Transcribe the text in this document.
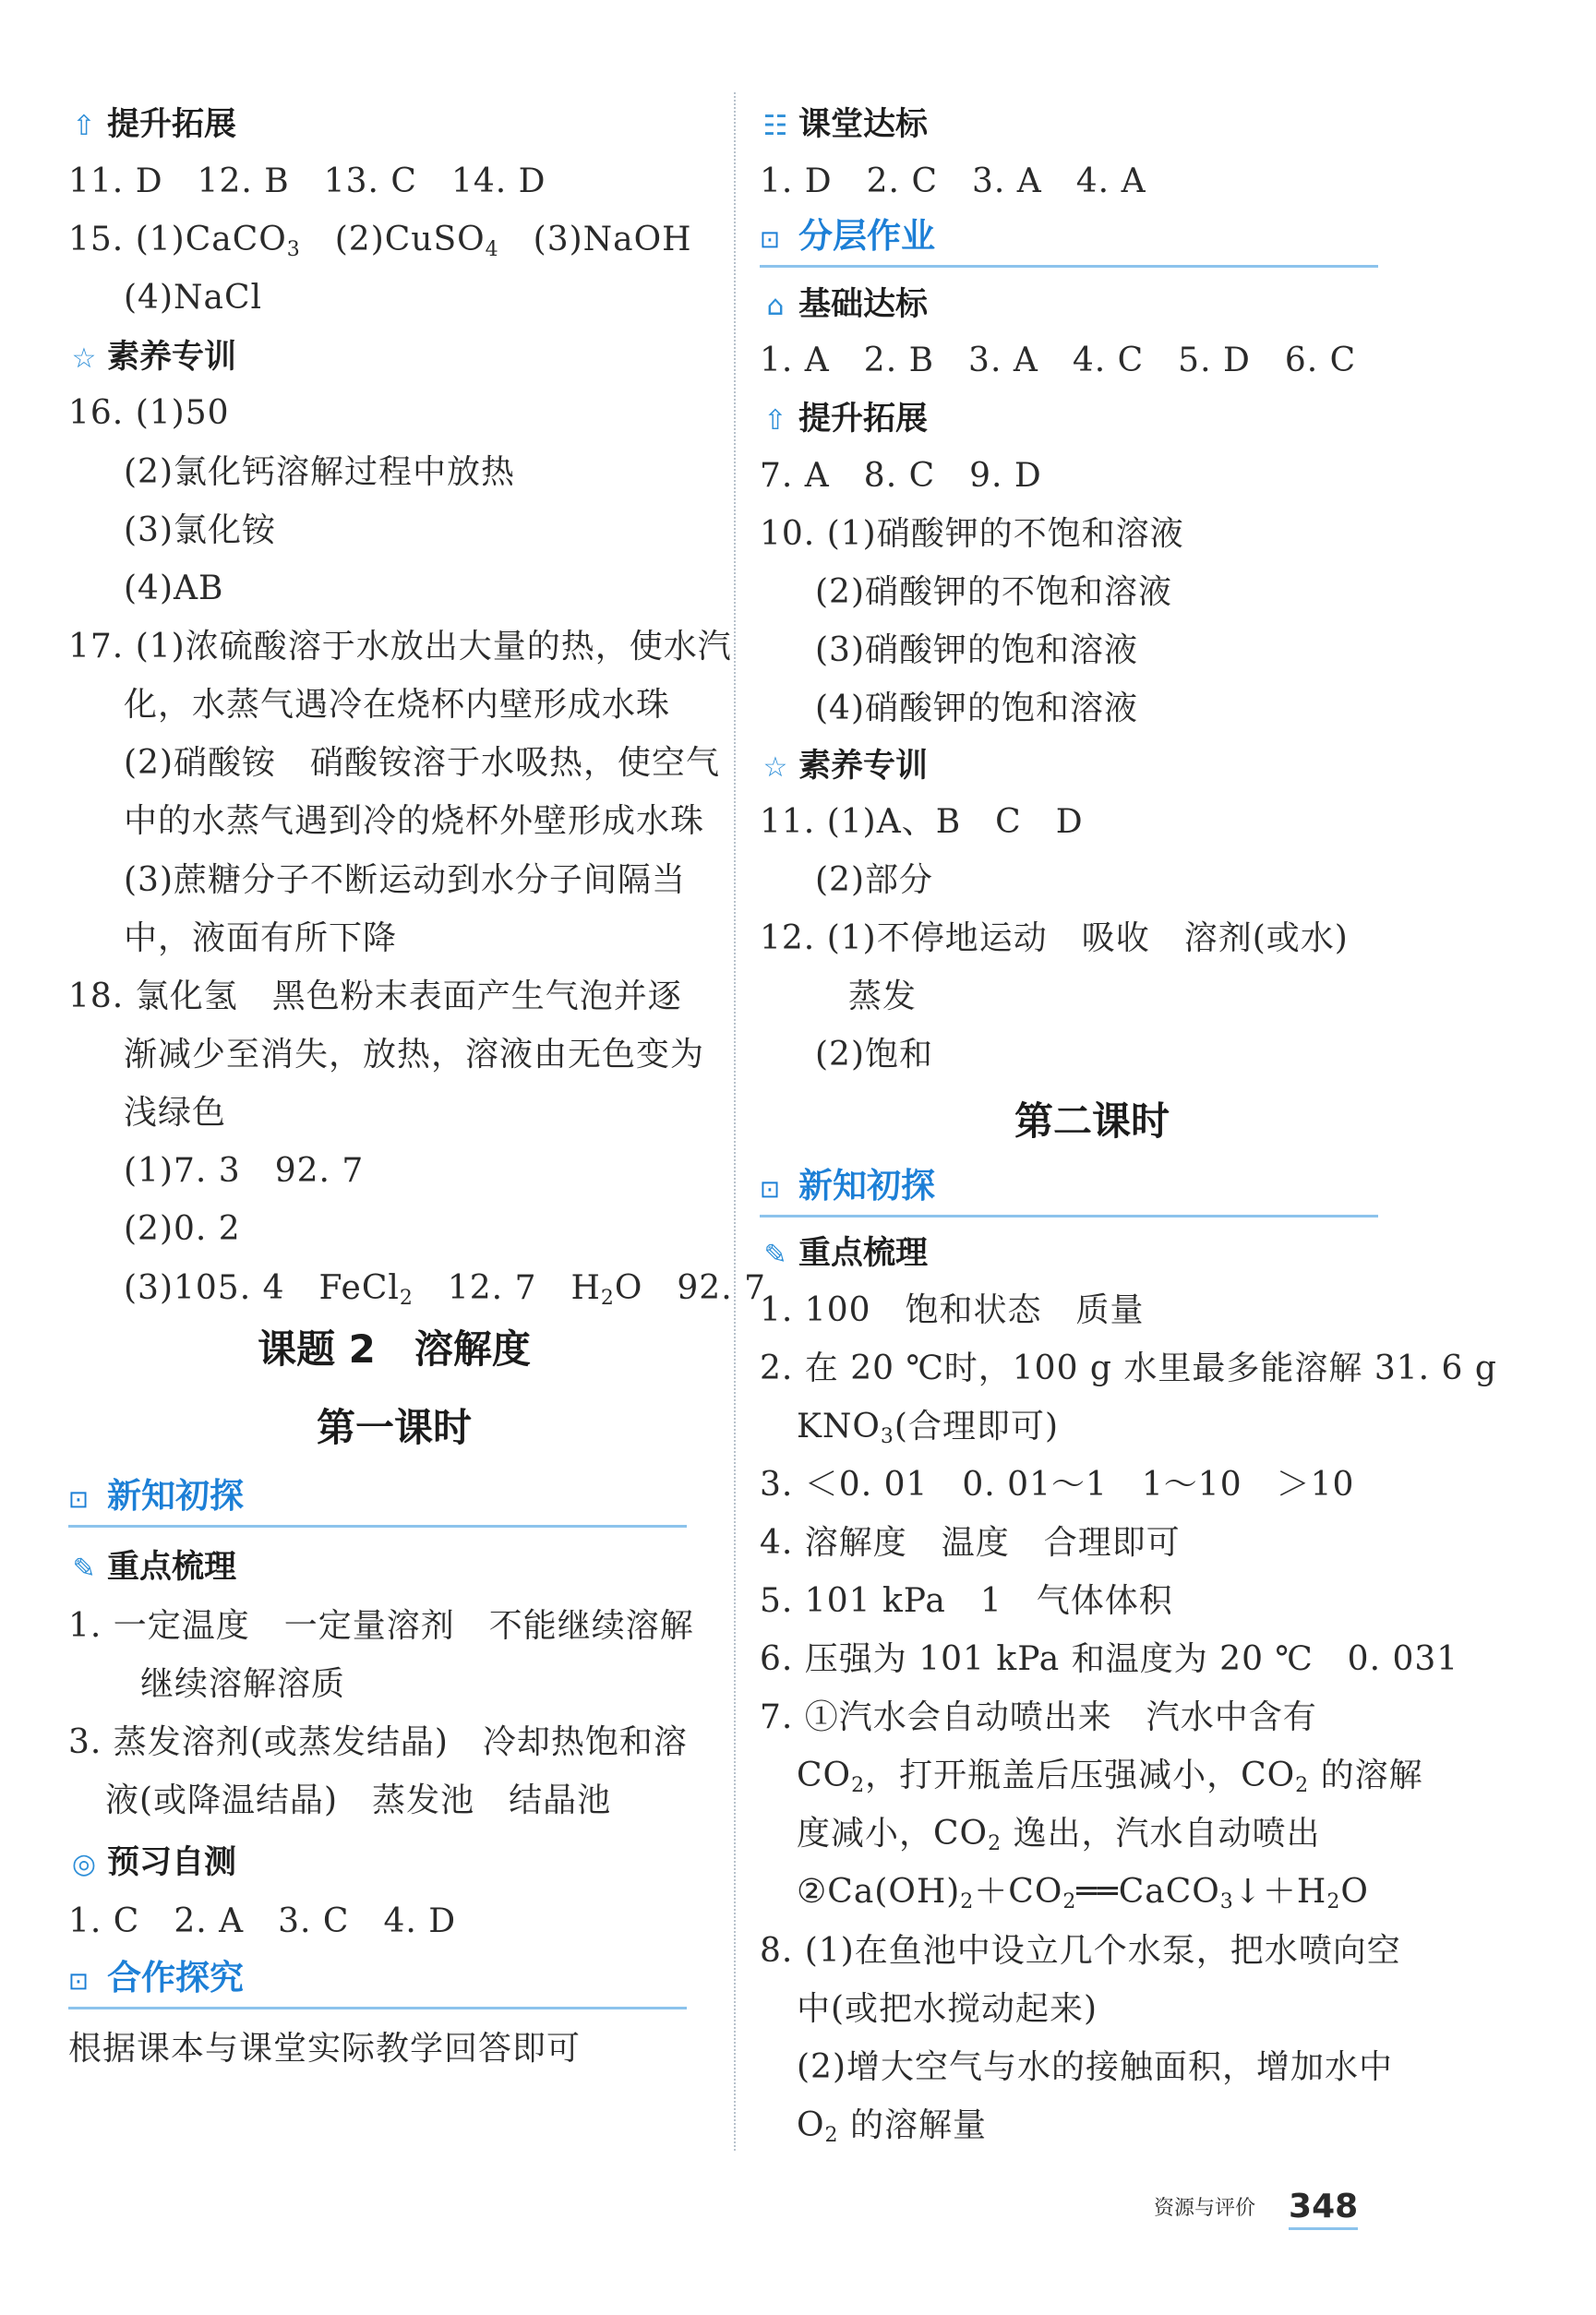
⇧ 提升拓展
11. D　12. B　13. C　14. D
15. (1)CaCO$_3$　(2)CuSO$_4$　(3)NaOH
(4)NaCl
☆ 素养专训
16. (1)50
(2)氯化钙溶解过程中放热
(3)氯化铵
(4)AB
17. (1)浓硫酸溶于水放出大量的热，使水汽
化，水蒸气遇冷在烧杯内壁形成水珠
(2)硝酸铵　硝酸铵溶于水吸热，使空气
中的水蒸气遇到冷的烧杯外壁形成水珠
(3)蔗糖分子不断运动到水分子间隔当
中，液面有所下降
18. 氯化氢　黑色粉末表面产生气泡并逐
渐减少至消失，放热，溶液由无色变为
浅绿色
(1)7. 3　92. 7
(2)0. 2
(3)105. 4　FeCl$_2$　12. 7　$H_2O$　92. 7
课题 2　溶解度
第一课时
⊡ 新知初探
✎ 重点梳理
1. 一定温度　一定量溶剂　不能继续溶解
继续溶解溶质
3. 蒸发溶剂(或蒸发结晶)　冷却热饱和溶
液(或降温结晶)　蒸发池　结晶池
◎ 预习自测
1. C　2. A　3. C　4. D
⊡ 合作探究
根据课本与课堂实际教学回答即可
☷ 课堂达标
1. D　2. C　3. A　4. A
⊡ 分层作业
⌂ 基础达标
1. A　2. B　3. A　4. C　5. D　6. C
⇧ 提升拓展
7. A　8. C　9. D
10. (1)硝酸钾的不饱和溶液
(2)硝酸钾的不饱和溶液
(3)硝酸钾的饱和溶液
(4)硝酸钾的饱和溶液
☆ 素养专训
11. (1)A、B　C　D
(2)部分
12. (1)不停地运动　吸收　溶剂(或水)
蒸发
(2)饱和
第二课时
⊡ 新知初探
✎ 重点梳理
1. 100　饱和状态　质量
2. 在 20 ℃时，100 g 水里最多能溶解 31. 6 g
$KNO_3$(合理即可)
3. ＜0. 01　0. 01～1　1～10　＞10
4. 溶解度　温度　合理即可
5. 101 kPa　1　气体体积
6. 压强为 101 kPa 和温度为 20 ℃　0. 031
7. ①汽水会自动喷出来　汽水中含有
$CO_2$，打开瓶盖后压强减小，$CO_2$ 的溶解
度减小，$CO_2$ 逸出，汽水自动喷出
$②Ca(OH)_2+CO_2══CaCO_3↓+H_2O$
8. (1)在鱼池中设立几个水泵，把水喷向空
中(或把水搅动起来)
(2)增大空气与水的接触面积，增加水中
$O_2$ 的溶解量
资源与评价 348
